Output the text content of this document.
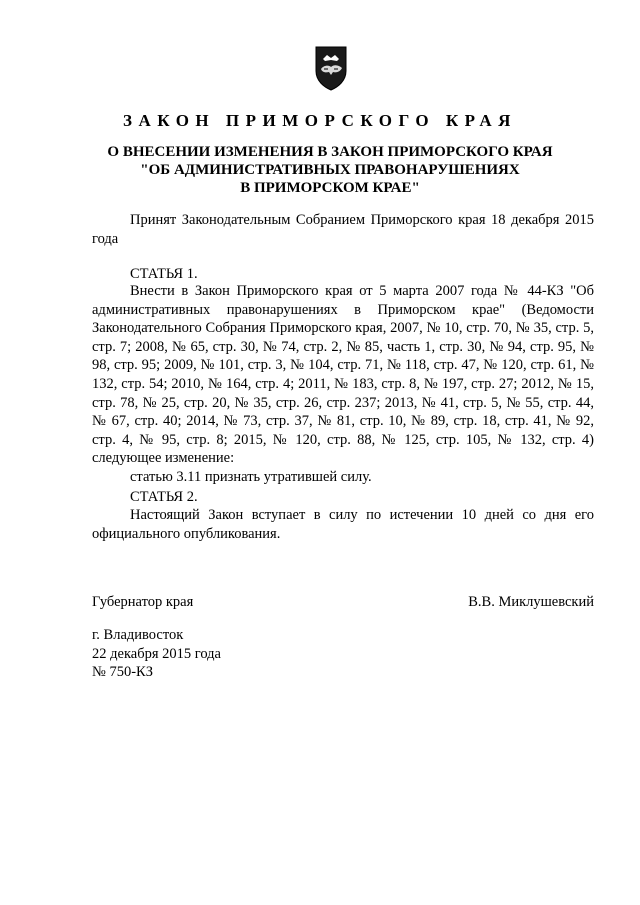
ЗАКОН ПРИМОРСКОГО КРАЯ
О ВНЕСЕНИИ ИЗМЕНЕНИЯ В ЗАКОН ПРИМОРСКОГО КРАЯ
"ОБ АДМИНИСТРАТИВНЫХ ПРАВОНАРУШЕНИЯХ
В ПРИМОРСКОМ КРАЕ"

Принят Законодательным Собранием Приморского края 18 декабря 2015 года

СТАТЬЯ 1.

Внести в Закон Приморского края от 5 марта 2007 года № 44-КЗ "Об административных правонарушениях в Приморском крае" (Ведомости Законодательного Собрания Приморского края, 2007, № 10, стр. 70, № 35, стр. 5, стр. 7; 2008, № 65, стр. 30, № 74, стр. 2, № 85, часть 1, стр. 30, № 94, стр. 95, № 98, стр. 95; 2009, № 101, стр. 3, № 104, стр. 71, № 118, стр. 47, № 120, стр. 61, № 132, стр. 54; 2010, № 164, стр. 4; 2011, № 183, стр. 8, № 197, стр. 27; 2012, № 15, стр. 78, № 25, стр. 20, № 35, стр. 26, стр. 237; 2013, № 41, стр. 5, № 55, стр. 44, № 67, стр. 40; 2014, № 73, стр. 37, № 81, стр. 10, № 89, стр. 18, стр. 41, № 92, стр. 4, № 95, стр. 8; 2015, № 120, стр. 88, № 125, стр. 105, № 132, стр. 4) следующее изменение:

статью 3.11 признать утратившей силу.

СТАТЬЯ 2.

Настоящий Закон вступает в силу по истечении 10 дней со дня его официального опубликования.

Губернатор края	В.В. Миклушевский
г. Владивосток
22 декабря 2015 года
№ 750-КЗ
